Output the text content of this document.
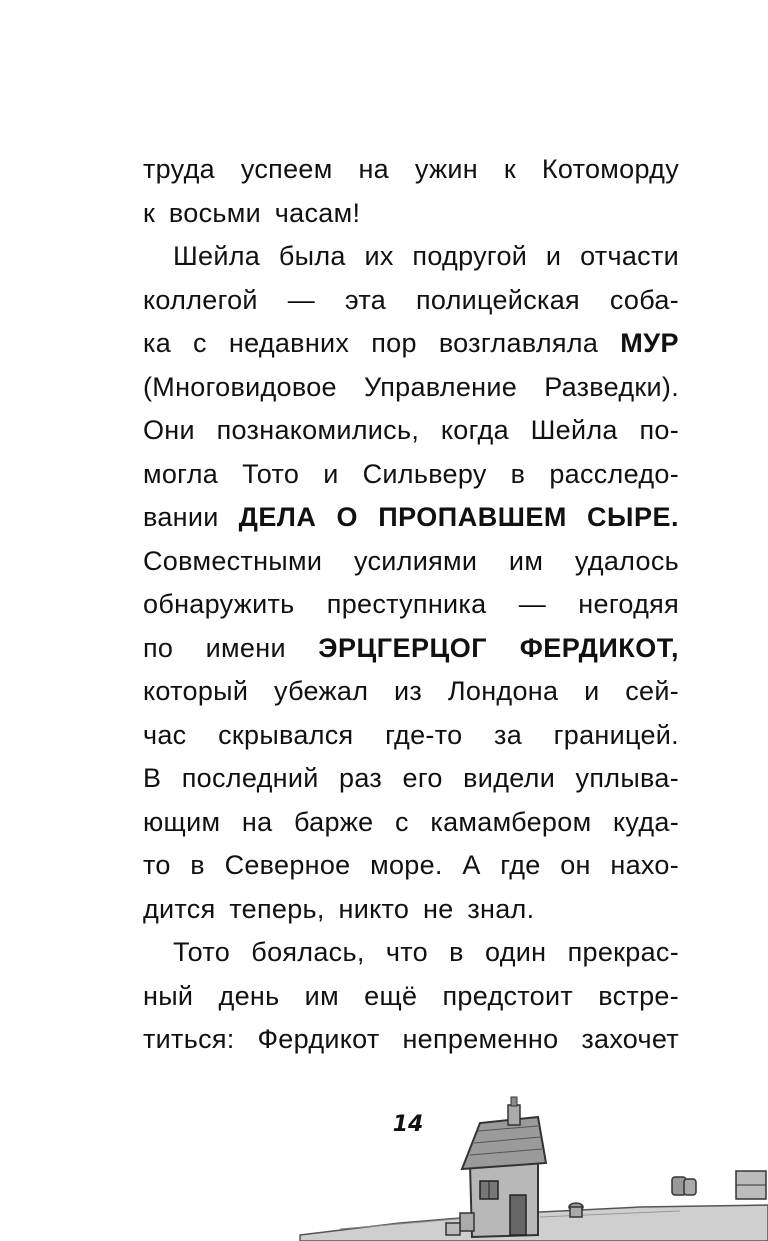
труда успеем на ужин к Котоморду
к восьми часам!
Шейла была их подругой и отчасти
коллегой — эта полицейская соба-
ка с недавних пор возглавляла МУР
(Многовидовое Управление Разведки).
Они познакомились, когда Шейла по-
могла Тото и Сильверу в расследо-
вании ДЕЛА О ПРОПАВШЕМ СЫРЕ.
Совместными усилиями им удалось
обнаружить преступника — негодяя
по имени ЭРЦГЕРЦОГ ФЕРДИКОТ,
который убежал из Лондона и сей-
час скрывался где-то за границей.
В последний раз его видели уплыва-
ющим на барже с камамбером куда-
то в Северное море. А где он нахо-
дится теперь, никто не знал.
Тото боялась, что в один прекрас-
ный день им ещё предстоит встре-
титься: Фердикот непременно захочет
14
